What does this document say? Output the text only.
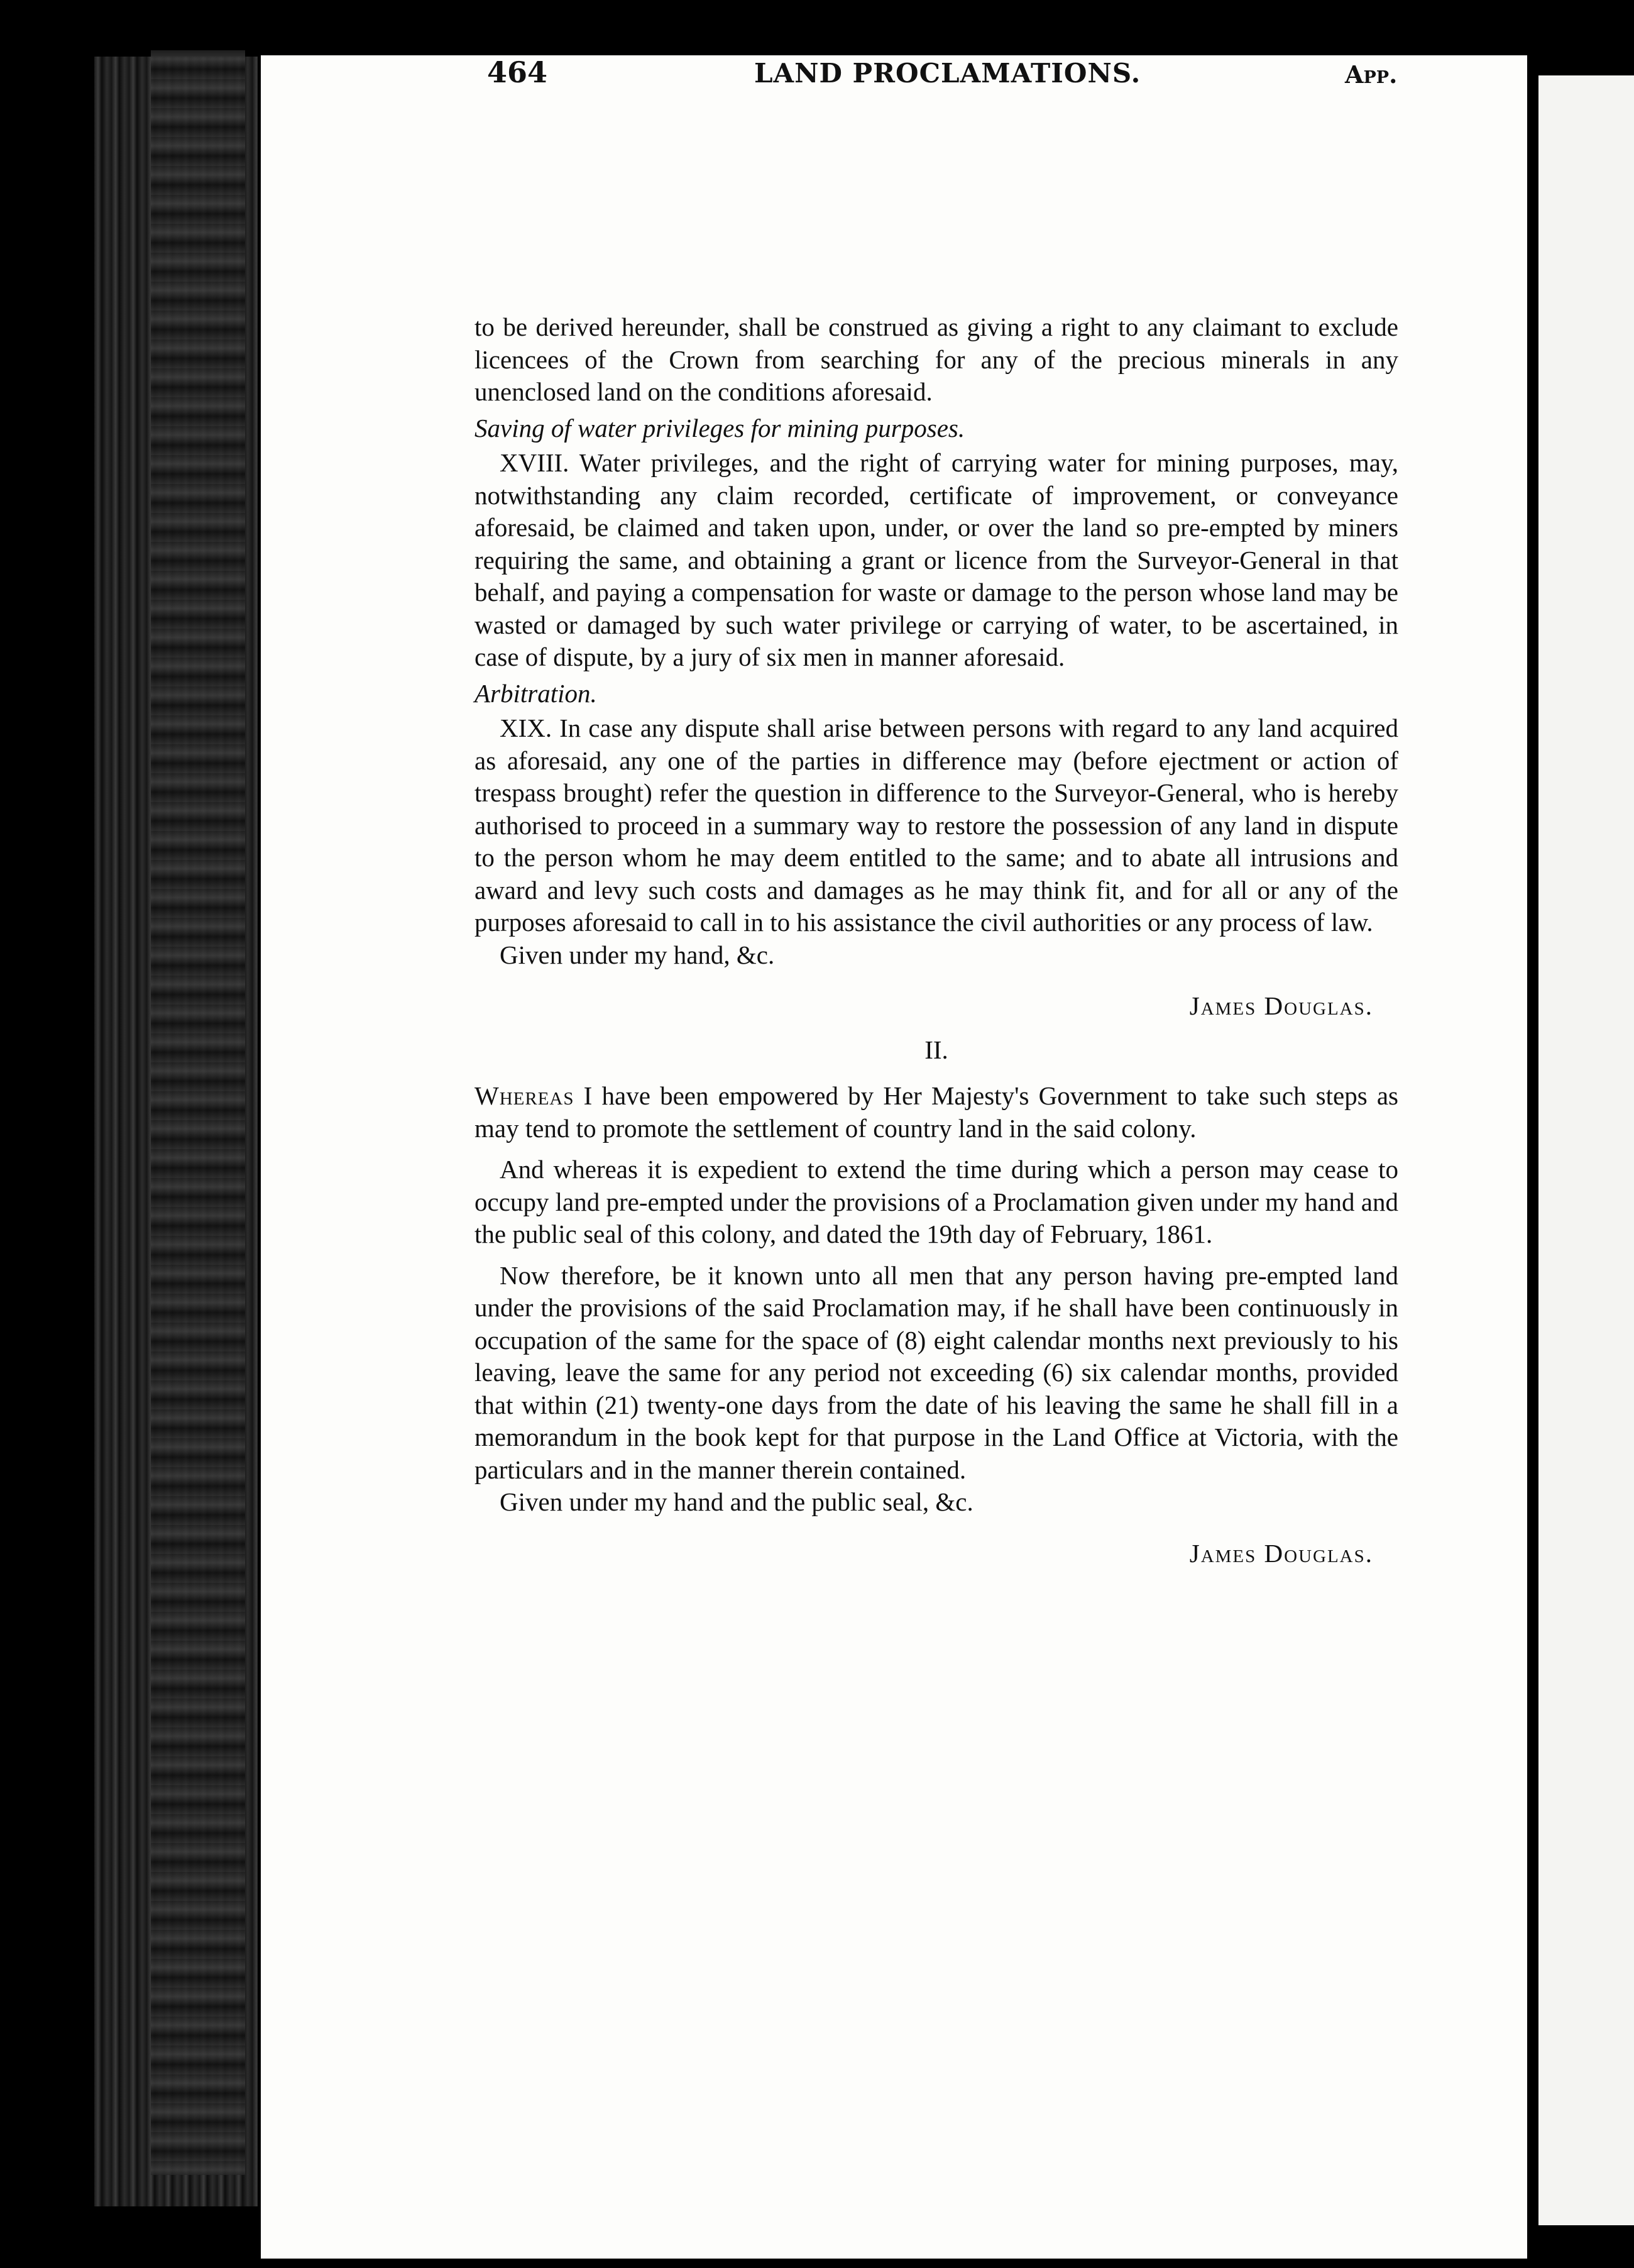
464	LAND PROCLAMATIONS.	App.

to be derived hereunder, shall be construed as giving a right to any claimant to exclude licencees of the Crown from searching for any of the precious minerals in any unenclosed land on the conditions aforesaid.

Saving of water privileges for mining purposes.

XVIII. Water privileges, and the right of carrying water for mining purposes, may, notwithstanding any claim recorded, certificate of improvement, or conveyance aforesaid, be claimed and taken upon, under, or over the land so pre-empted by miners requiring the same, and obtaining a grant or licence from the Surveyor-General in that behalf, and paying a compensation for waste or damage to the person whose land may be wasted or damaged by such water privilege or carrying of water, to be ascertained, in case of dispute, by a jury of six men in manner aforesaid.

Arbitration.

XIX. In case any dispute shall arise between persons with regard to any land acquired as aforesaid, any one of the parties in difference may (before ejectment or action of trespass brought) refer the question in difference to the Surveyor-General, who is hereby authorised to proceed in a summary way to restore the possession of any land in dispute to the person whom he may deem entitled to the same; and to abate all intrusions and award and levy such costs and damages as he may think fit, and for all or any of the purposes aforesaid to call in to his assistance the civil authorities or any process of law.

Given under my hand, &c.

James Douglas.

II.

Whereas I have been empowered by Her Majesty's Government to take such steps as may tend to promote the settlement of country land in the said colony.

And whereas it is expedient to extend the time during which a person may cease to occupy land pre-empted under the provisions of a Proclamation given under my hand and the public seal of this colony, and dated the 19th day of February, 1861.

Now therefore, be it known unto all men that any person having pre-empted land under the provisions of the said Proclamation may, if he shall have been continuously in occupation of the same for the space of (8) eight calendar months next previously to his leaving, leave the same for any period not exceeding (6) six calendar months, provided that within (21) twenty-one days from the date of his leaving the same he shall fill in a memorandum in the book kept for that purpose in the Land Office at Victoria, with the particulars and in the manner therein contained.

Given under my hand and the public seal, &c.

James Douglas.
